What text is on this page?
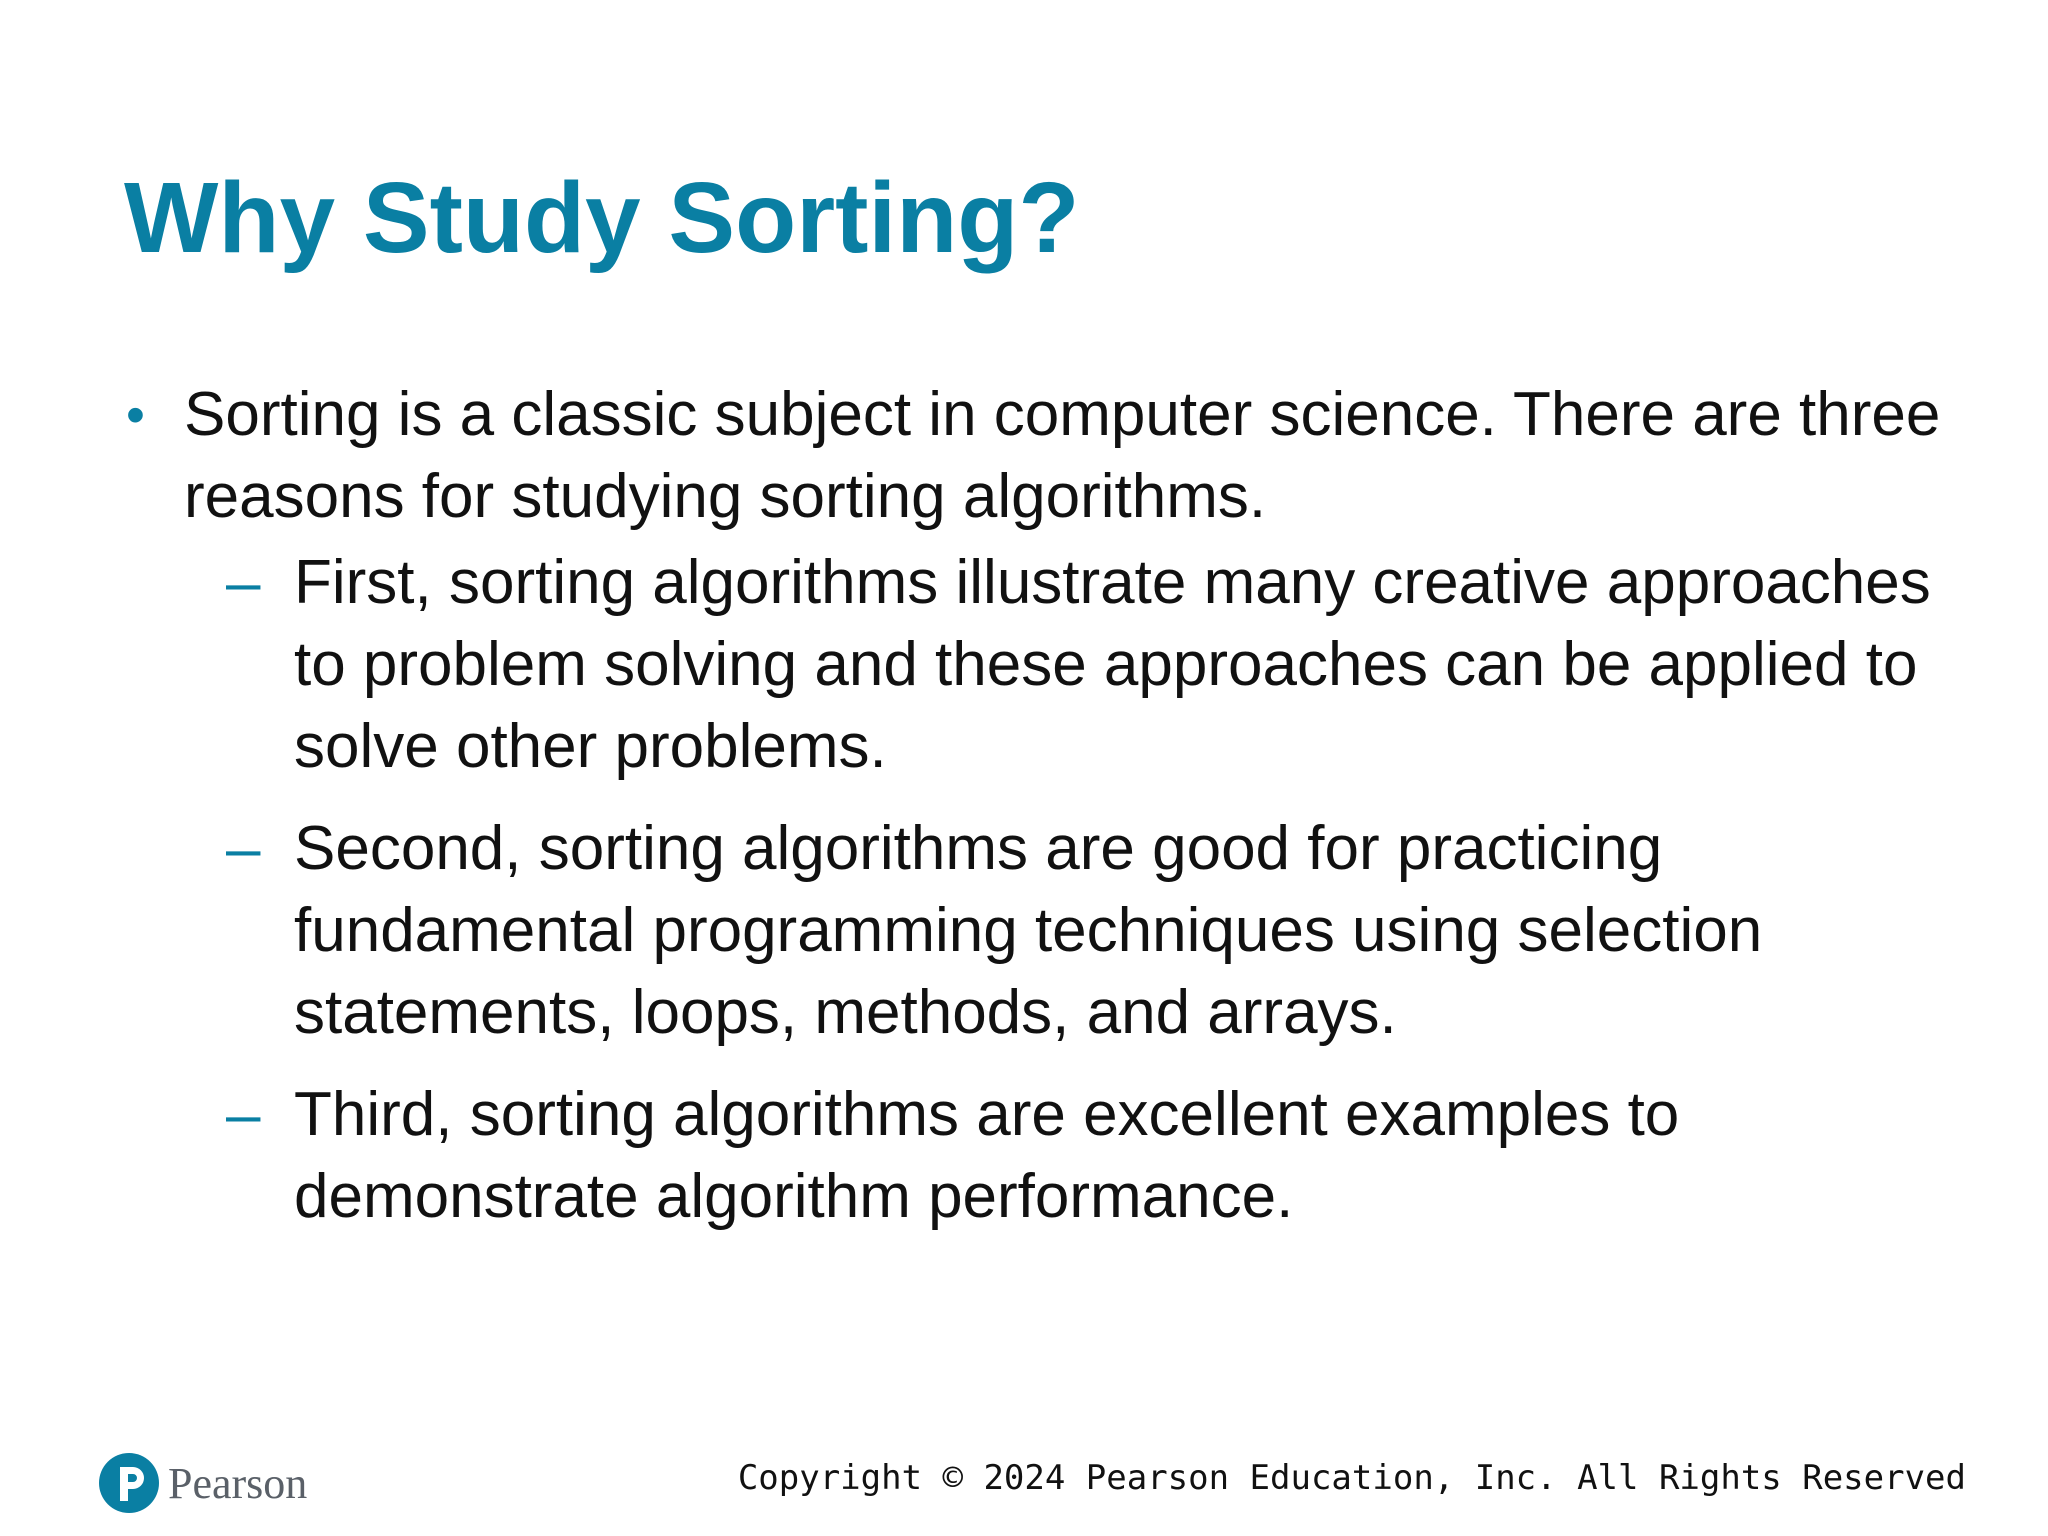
Why Study Sorting?

• Sorting is a classic subject in computer science. There are three reasons for studying sorting algorithms.

– First, sorting algorithms illustrate many creative approaches to problem solving and these approaches can be applied to solve other problems.

– Second, sorting algorithms are good for practicing fundamental programming techniques using selection statements, loops, methods, and arrays.

– Third, sorting algorithms are excellent examples to demonstrate algorithm performance.

Pearson	Copyright © 2024 Pearson Education, Inc. All Rights Reserved
